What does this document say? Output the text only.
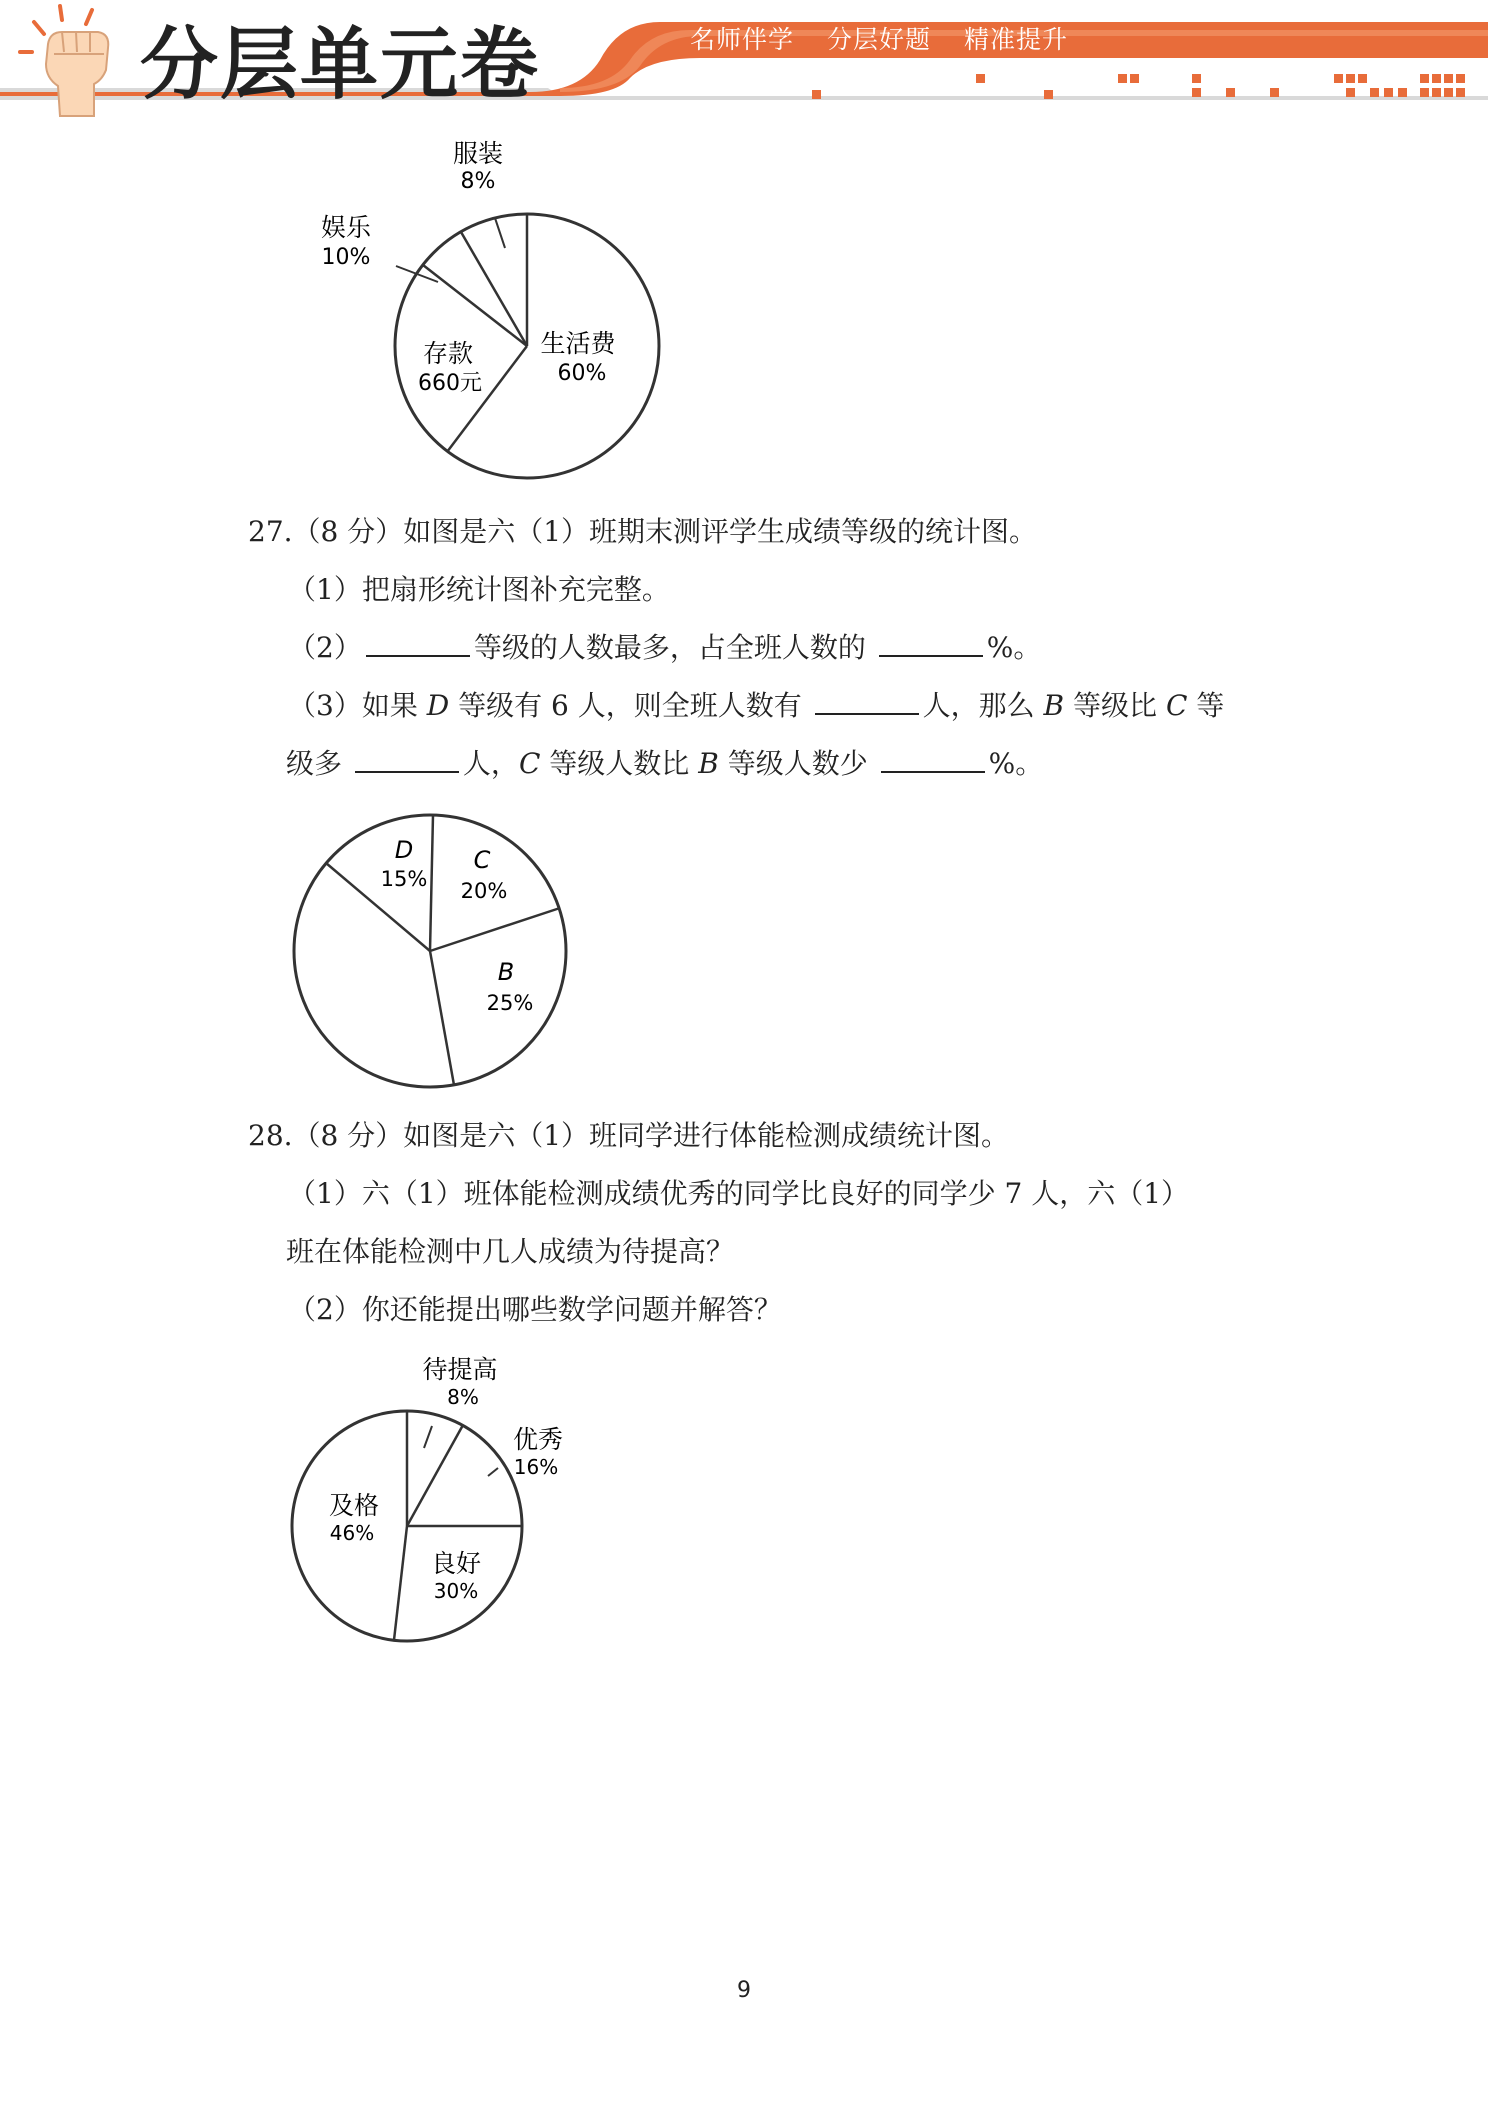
分层单元卷	名师伴学 分层好题 精准提升
服装
8%
娱乐
10%
生活费
60%
存款
660元
27.（8 分）如图是六（1）班期末测评学生成绩等级的统计图。
（1）把扇形统计图补充完整。
（2）	等级的人数最多，占全班人数的	%。
（3）如果 D 等级有 6 人，则全班人数有	人，那么 B 等级比 C 等
级多	人，C 等级人数比 B 等级人数少	%。
D
15%
C
20%
B
25%
28.（8 分）如图是六（1）班同学进行体能检测成绩统计图。
（1）六（1）班体能检测成绩优秀的同学比良好的同学少 7 人，六（1）
班在体能检测中几人成绩为待提高？
（2）你还能提出哪些数学问题并解答？
待提高
8%
优秀
16%
良好
30%
及格
46%
9
